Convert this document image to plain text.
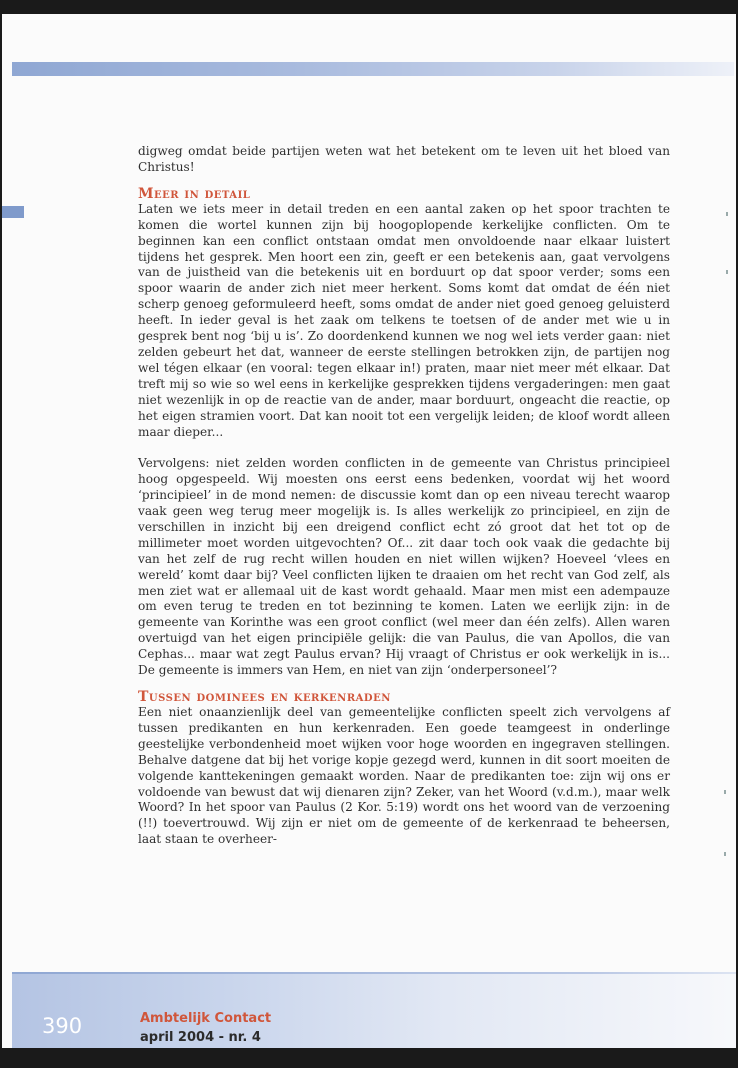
digweg omdat beide partijen weten wat het betekent om te leven uit het bloed van Christus!

Meer in detail

Laten we iets meer in detail treden en een aantal zaken op het spoor trachten te komen die wortel kunnen zijn bij hoogoplopende kerkelijke conflicten. Om te beginnen kan een conflict ontstaan omdat men onvoldoende naar elkaar luistert tijdens het gesprek. Men hoort een zin, geeft er een betekenis aan, gaat vervolgens van de juistheid van die betekenis uit en borduurt op dat spoor verder; soms een spoor waarin de ander zich niet meer herkent. Soms komt dat omdat de één niet scherp genoeg geformuleerd heeft, soms omdat de ander niet goed genoeg geluisterd heeft. In ieder geval is het zaak om telkens te toetsen of de ander met wie u in gesprek bent nog ‘bij u is’. Zo doordenkend kunnen we nog wel iets verder gaan: niet zelden gebeurt het dat, wanneer de eerste stellingen betrokken zijn, de partijen nog wel tégen elkaar (en vooral: tegen elkaar in!) praten, maar niet meer mét elkaar. Dat treft mij so wie so wel eens in kerkelijke gesprekken tijdens vergaderingen: men gaat niet wezenlijk in op de reactie van de ander, maar borduurt, ongeacht die reactie, op het eigen stramien voort. Dat kan nooit tot een vergelijk leiden; de kloof wordt alleen maar dieper...

Vervolgens: niet zelden worden conflicten in de gemeente van Christus principieel hoog opgespeeld. Wij moesten ons eerst eens bedenken, voordat wij het woord ‘principieel’ in de mond nemen: de discussie komt dan op een niveau terecht waarop vaak geen weg terug meer mogelijk is. Is alles werkelijk zo principieel, en zijn de verschillen in inzicht bij een dreigend conflict echt zó groot dat het tot op de millimeter moet worden uitgevochten? Of... zit daar toch ook vaak die gedachte bij van het zelf de rug recht willen houden en niet willen wijken? Hoeveel ‘vlees en wereld’ komt daar bij? Veel conflicten lijken te draaien om het recht van God zelf, als men ziet wat er allemaal uit de kast wordt gehaald. Maar men mist een adempauze om even terug te treden en tot bezinning te komen. Laten we eerlijk zijn: in de gemeente van Korinthe was een groot conflict (wel meer dan één zelfs). Allen waren overtuigd van het eigen principiële gelijk: die van Paulus, die van Apollos, die van Cephas... maar wat zegt Paulus ervan? Hij vraagt of Christus er ook werkelijk in is... De gemeente is immers van Hem, en niet van zijn ‘onderpersoneel’?

Tussen dominees en kerkenraden

Een niet onaanzienlijk deel van gemeentelijke conflicten speelt zich vervolgens af tussen predikanten en hun kerkenraden. Een goede teamgeest in onderlinge geestelijke verbondenheid moet wijken voor hoge woorden en ingegraven stellingen. Behalve datgene dat bij het vorige kopje gezegd werd, kunnen in dit soort moeiten de volgende kanttekeningen gemaakt worden. Naar de predikanten toe: zijn wij ons er voldoende van bewust dat wij dienaren zijn? Zeker, van het Woord (v.d.m.), maar welk Woord? In het spoor van Paulus (2 Kor. 5:19) wordt ons het woord van de verzoening (!!) toevertrouwd. Wij zijn er niet om de gemeente of de kerkenraad te beheersen, laat staan te overheer-

390	Ambtelijk Contact
april 2004 - nr. 4
